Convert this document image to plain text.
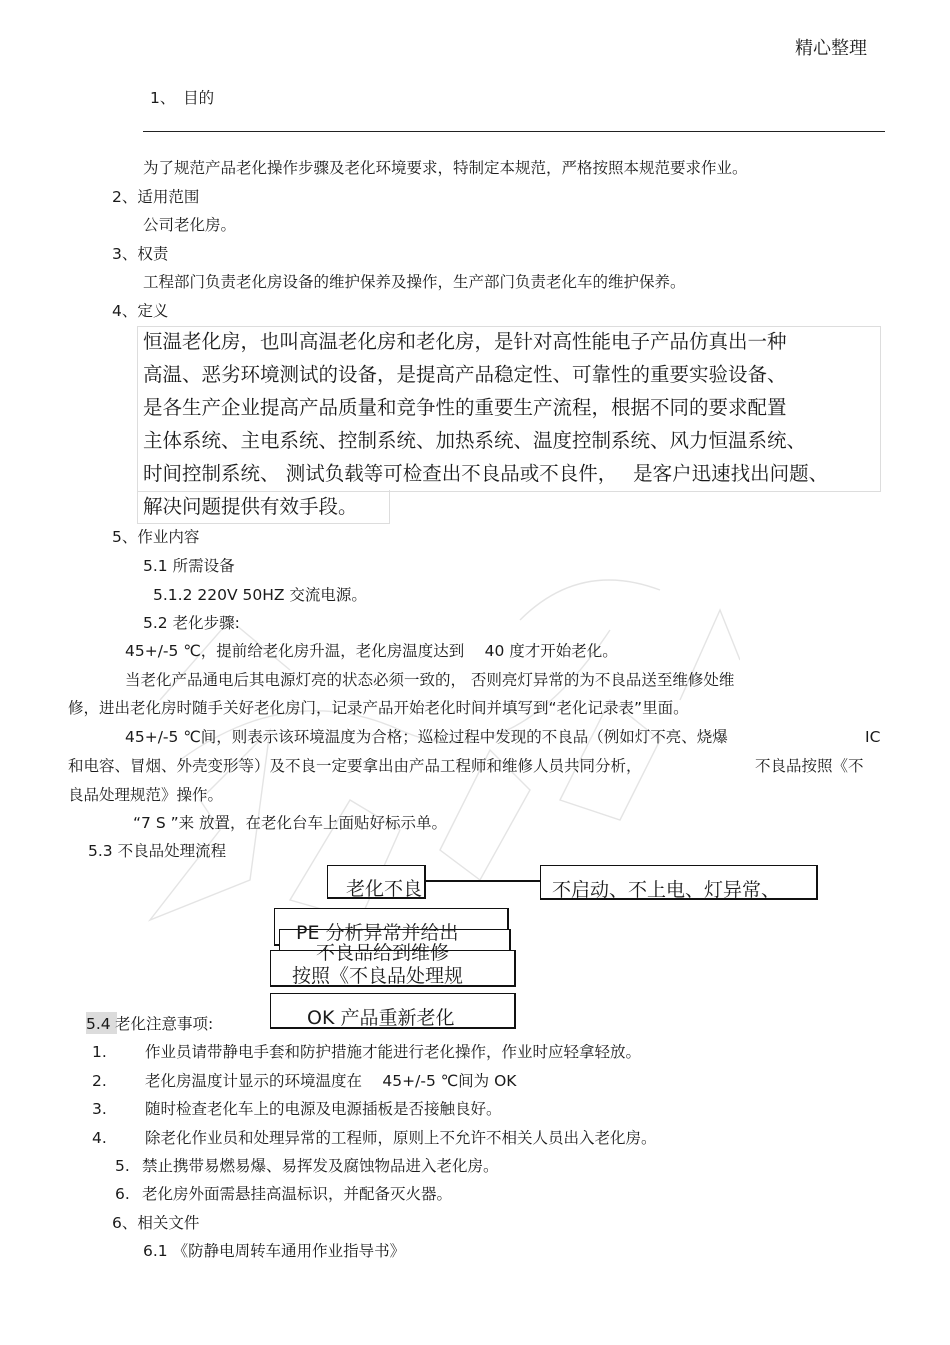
精心整理
1、　目的
为了规范产品老化操作步骤及老化环境要求，特制定本规范，严格按照本规范要求作业。
2、适用范围
公司老化房。
3、权责
工程部门负责老化房设备的维护保养及操作，生产部门负责老化车的维护保养。
4、定义
恒温老化房，也叫高温老化房和老化房，是针对高性能电子产品仿真出一种
高温、恶劣环境测试的设备，是提高产品稳定性、可靠性的重要实验设备、
是各生产企业提高产品质量和竞争性的重要生产流程，根据不同的要求配置
主体系统、主电系统、控制系统、加热系统、温度控制系统、风力恒温系统、
时间控制系统、 测试负载等可检查出不良品或不良件，　 是客户迅速找出问题、
解决问题提供有效手段。
5、作业内容
5.1 所需设备
5.1.2 220V 50HZ 交流电源。
5.2 老化步骤:
45+/-5 ℃，提前给老化房升温，老化房温度达到　 40 度才开始老化。
当老化产品通电后其电源灯亮的状态必须一致的， 否则亮灯异常的为不良品送至维修处维
修，进出老化房时随手关好老化房门，记录产品开始老化时间并填写到“老化记录表”里面。
45+/-5 ℃间，则表示该环境温度为合格；巡检过程中发现的不良品（例如灯不亮、烧爆	IC
和电容、冒烟、外壳变形等）及不良一定要拿出由产品工程师和维修人员共同分析，	不良品按照《不
良品处理规范》操作。
“7 S ”来 放置，在老化台车上面贴好标示单。
5.3 不良品处理流程
老化不良	不启动、不上电、灯异常、
PE 分析异常并给出
不良品给到维修
按照《不良品处理规
OK 产品重新老化
5.4 老化注意事项:
1. 作业员请带静电手套和防护措施才能进行老化操作，作业时应轻拿轻放。
2. 老化房温度计显示的环境温度在　 45+/-5 ℃间为 OK
3. 随时检查老化车上的电源及电源插板是否接触良好。
4. 除老化作业员和处理异常的工程师，原则上不允许不相关人员出入老化房。
5. 禁止携带易燃易爆、易挥发及腐蚀物品进入老化房。
6. 老化房外面需悬挂高温标识，并配备灭火器。
6、相关文件
6.1 《防静电周转车通用作业指导书》
